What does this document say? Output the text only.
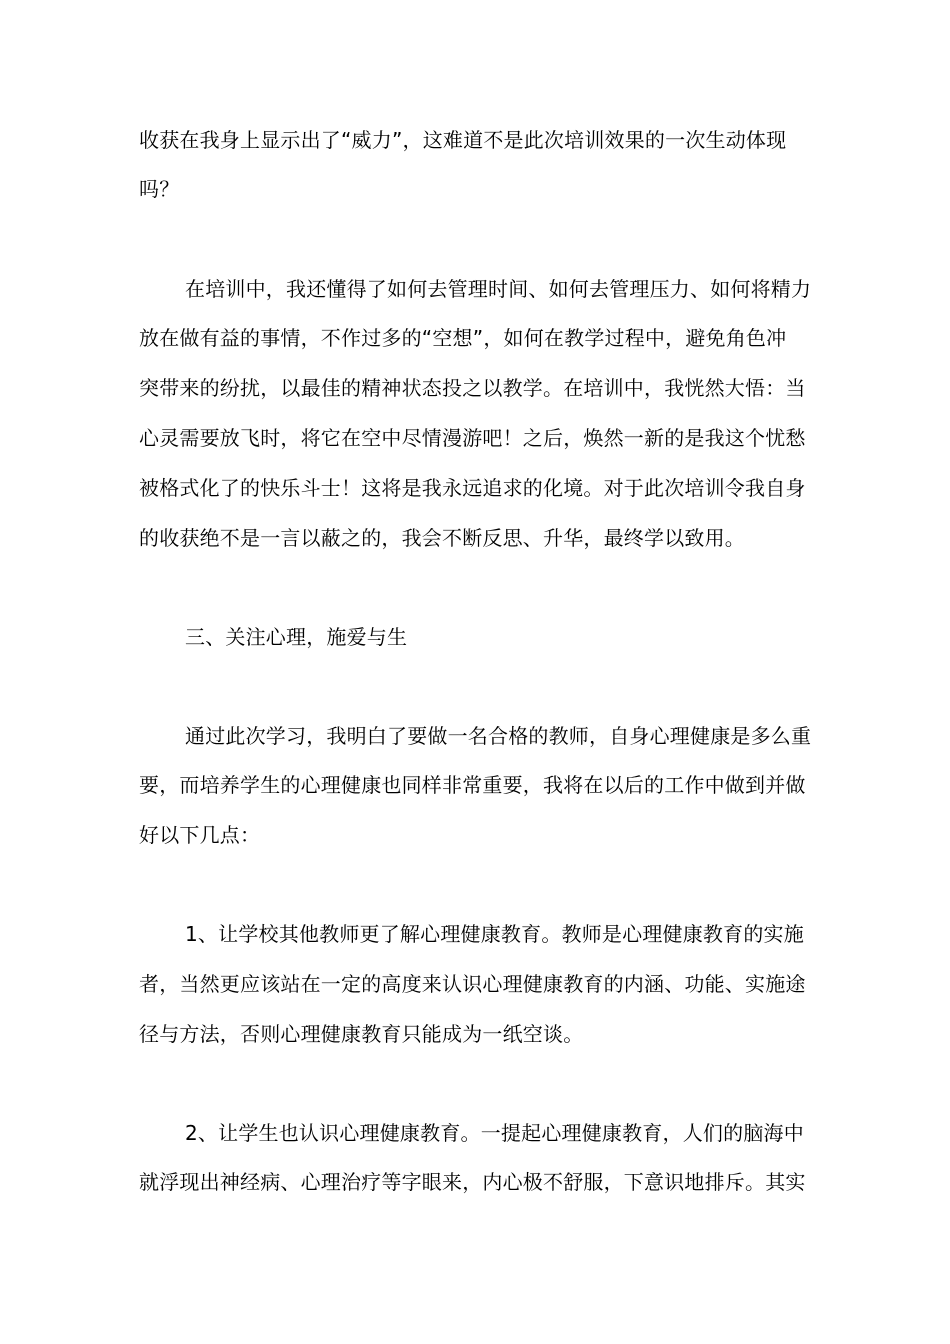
收获在我身上显示出了“威力”，这难道不是此次培训效果的一次生动体现
吗？
在培训中，我还懂得了如何去管理时间、如何去管理压力、如何将精力
放在做有益的事情，不作过多的“空想”，如何在教学过程中，避免角色冲
突带来的纷扰，以最佳的精神状态投之以教学。在培训中，我恍然大悟：当
心灵需要放飞时，将它在空中尽情漫游吧！之后，焕然一新的是我这个忧愁
被格式化了的快乐斗士！这将是我永远追求的化境。对于此次培训令我自身
的收获绝不是一言以蔽之的，我会不断反思、升华，最终学以致用。
三、关注心理，施爱与生
通过此次学习，我明白了要做一名合格的教师，自身心理健康是多么重
要，而培养学生的心理健康也同样非常重要，我将在以后的工作中做到并做
好以下几点：
1、让学校其他教师更了解心理健康教育。教师是心理健康教育的实施
者，当然更应该站在一定的高度来认识心理健康教育的内涵、功能、实施途
径与方法，否则心理健康教育只能成为一纸空谈。
2、让学生也认识心理健康教育。一提起心理健康教育，人们的脑海中
就浮现出神经病、心理治疗等字眼来，内心极不舒服，下意识地排斥。其实
